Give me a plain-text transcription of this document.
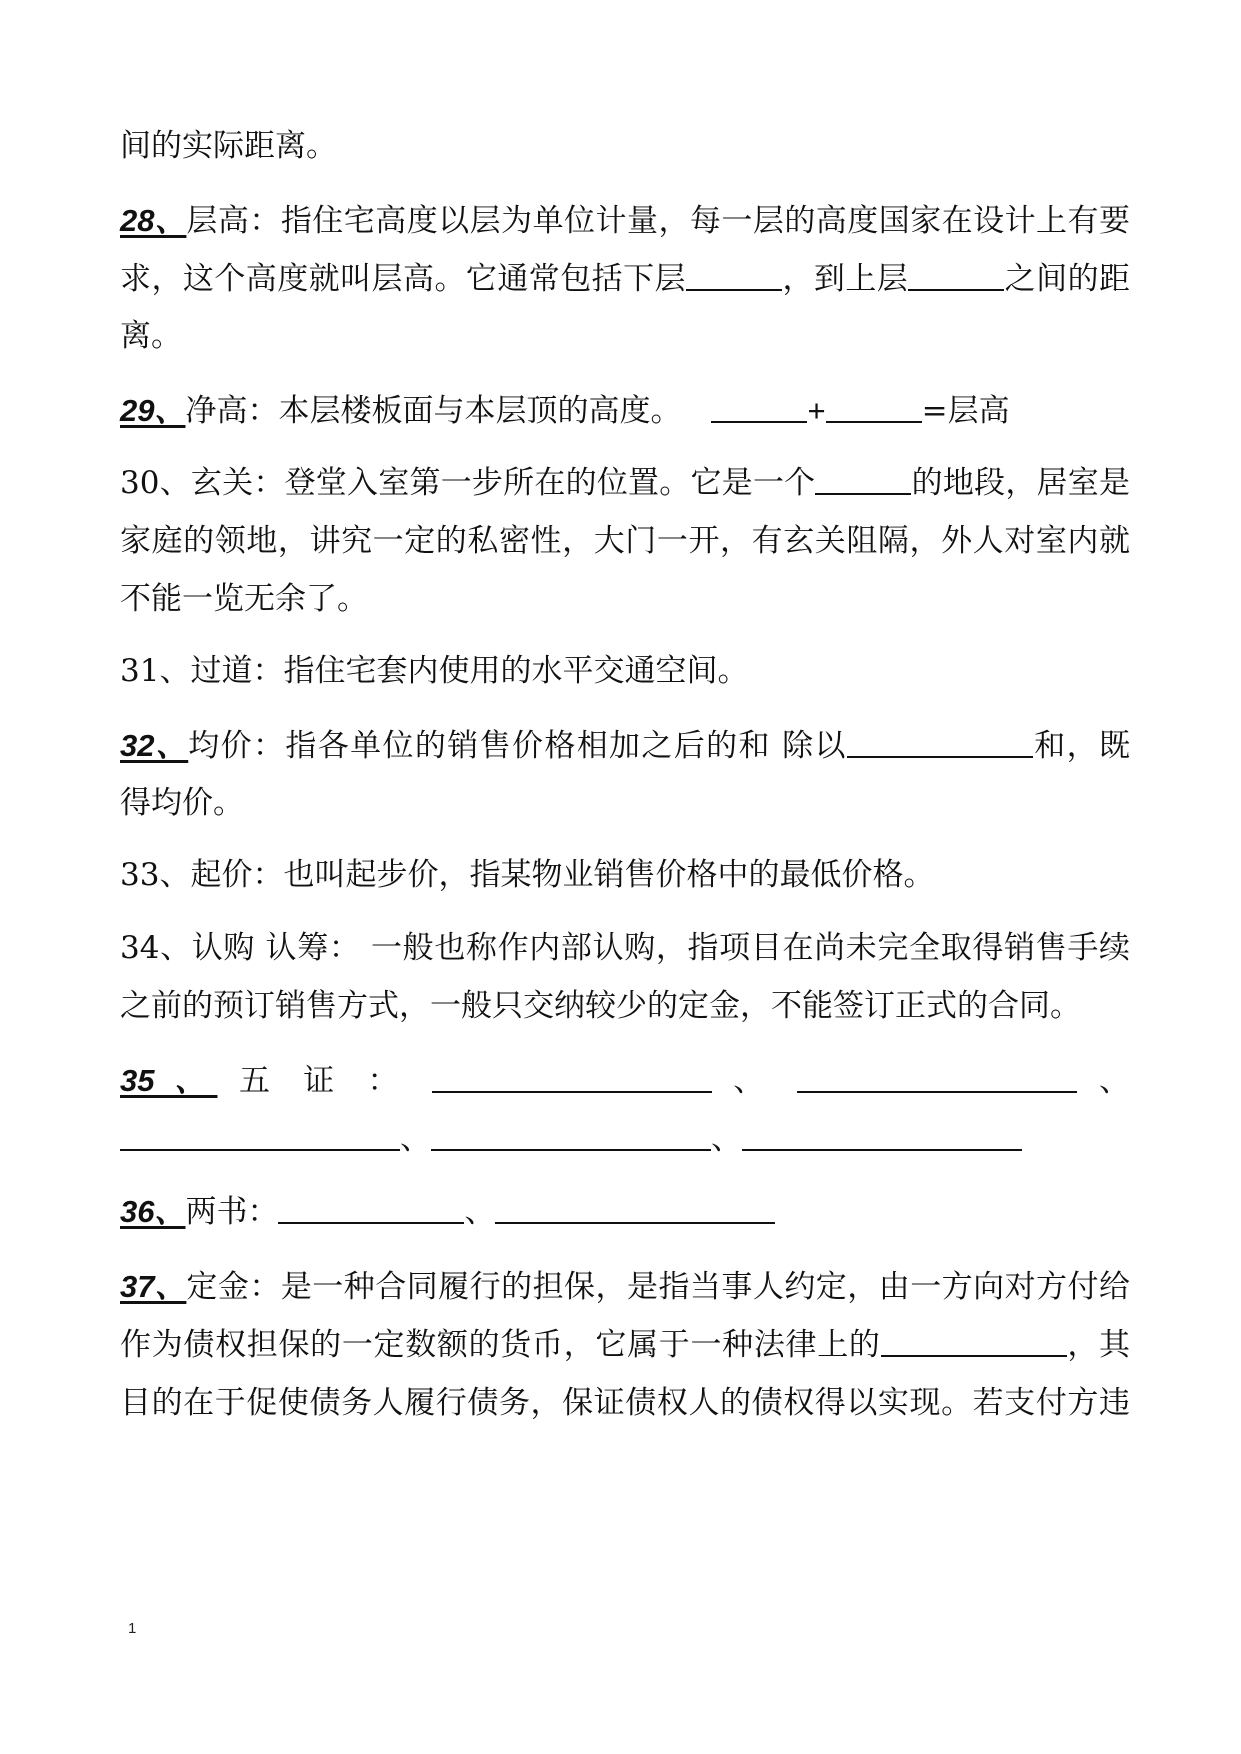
间的实际距离。
28、层高：指住宅高度以层为单位计量，每一层的高度国家在设计上有要
求，这个高度就叫层高。它通常包括下层	，到上层	之间的距
离。
29、净高：本层楼板面与本层顶的高度。	+	=层高
30、玄关：登堂入室第一步所在的位置。它是一个	的地段，居室是
家庭的领地，讲究一定的私密性，大门一开，有玄关阻隔，外人对室内就
不能一览无余了。
31、过道：指住宅套内使用的水平交通空间。
32、均价：指各单位的销售价格相加之后的和 除以	和，既
得均价。
33、起价：也叫起步价，指某物业销售价格中的最低价格。
34、认购 认筹： 一般也称作内部认购，指项目在尚未完全取得销售手续
之前的预订销售方式，一般只交纳较少的定金，不能签订正式的合同。
35 、 五 证 ：	、	、
、	、
36、两书：	、
37、定金：是一种合同履行的担保，是指当事人约定，由一方向对方付给
作为债权担保的一定数额的货币，它属于一种法律上的	，其
目的在于促使债务人履行债务，保证债权人的债权得以实现。若支付方违
1
